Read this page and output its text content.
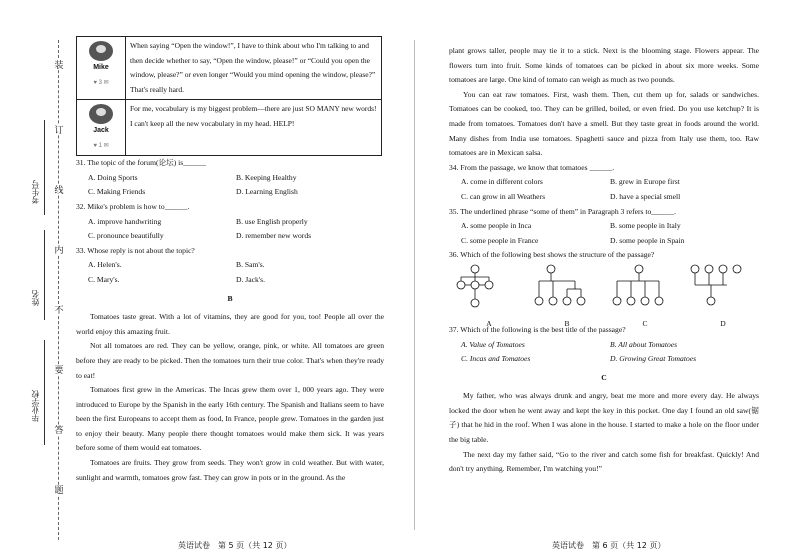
装
订
线
内
不
要
答
题
考生号
姓名
毕业学校
Mike
♥ 3 ✉	When saying “Open the window!”, I have to think about who I'm talking to and then decide whether to say, “Open the window, please!” or “Could you open the window, please?” or even longer “Would you mind opening the window, please?” That's really hard.

Jack
♥ 1 ✉	For me, vocabulary is my biggest problem—there are just SO MANY new words! I can't keep all the new vocabulary in my head. HELP!
31. The topic of the forum(论坛) is______
A. Doing Sports	B. Keeping Healthy
C. Making Friends	D. Learning English
32. Mike's problem is how to______.
A. improve handwriting	B. use English properly
C. pronounce beautifully	D. remember new words
33. Whose reply is not about the topic?
A. Helen's.	B. Sam's.
C. Mary's.	D. Jack's.
B

Tomatoes taste great. With a lot of vitamins, they are good for you, too! People all over the world enjoy this amazing fruit.

Not all tomatoes are red. They can be yellow, orange, pink, or white. All tomatoes are green before they are ready to be picked. Then the tomatoes turn their true color. That's when they're ready to eat!

Tomatoes first grew in the Americas. The Incas grew them over 1, 000 years ago. They were introduced to Europe by the Spanish in the early 16th century. The Spanish and Italians seem to have been the first Europeans to accept them as food, In France, people grew. Tomatoes in the garden just to enjoy their beauty. Many people there thought tomatoes would make them sick. It was years before some of them would eat tomatoes.

Tomatoes are fruits. They grow from seeds. They won't grow in cold weather. But with water, sunlight and warmth, tomatoes grow fast. They can grow in pots or in the ground. As the

英语试卷　第 5 页（共 12 页）

plant grows taller, people may tie it to a stick. Next is the blooming stage. Flowers appear. The flowers turn into fruit. Some kinds of tomatoes can be picked in about six more weeks. Some tomatoes are large. One kind of tomato can weigh as much as two pounds.

You can eat raw tomatoes. First, wash them. Then, cut them up for, salads or sandwiches. Tomatoes can be cooked, too. They can be grilled, boiled, or even fried. Do you use ketchup? It is made from tomatoes. Tomatoes don't have a smell. But they taste great in foods around the world. Many dishes from India use tomatoes. Spaghetti sauce and pizza from Italy use them, too. Raw tomatoes are in Mexican salsa.

34. From the passage, we know that tomatoes ______.
A. come in different colors	B. grew in Europe first
C. can grow in all Weathers	D. have a special smell
35. The underlined phrase “some of them” in Paragraph 3 refers to______.
A. some people in Inca	B. some people in Italy
C. some people in France	D. some people in Spain
36. Which of the following best shows the structure of the passage?
A	B	C	D
37. Which of the following is the best title of the passage?
A. Value of Tomatoes	B. All about Tomatoes
C. Incas and Tomatoes	D. Growing Great Tomatoes
C

My father, who was always drunk and angry, beat me more and more every day. He always locked the door when he went away and kept the key in this pocket. One day I found an old saw(锯子) that he hid in the roof. When I was alone in the house. I started to make a hole on the floor under the big table.

The next day my father said, “Go to the river and catch some fish for breakfast. Quickly! And don't try anything. Remember, I'm watching you!”

英语试卷　第 6 页（共 12 页）
